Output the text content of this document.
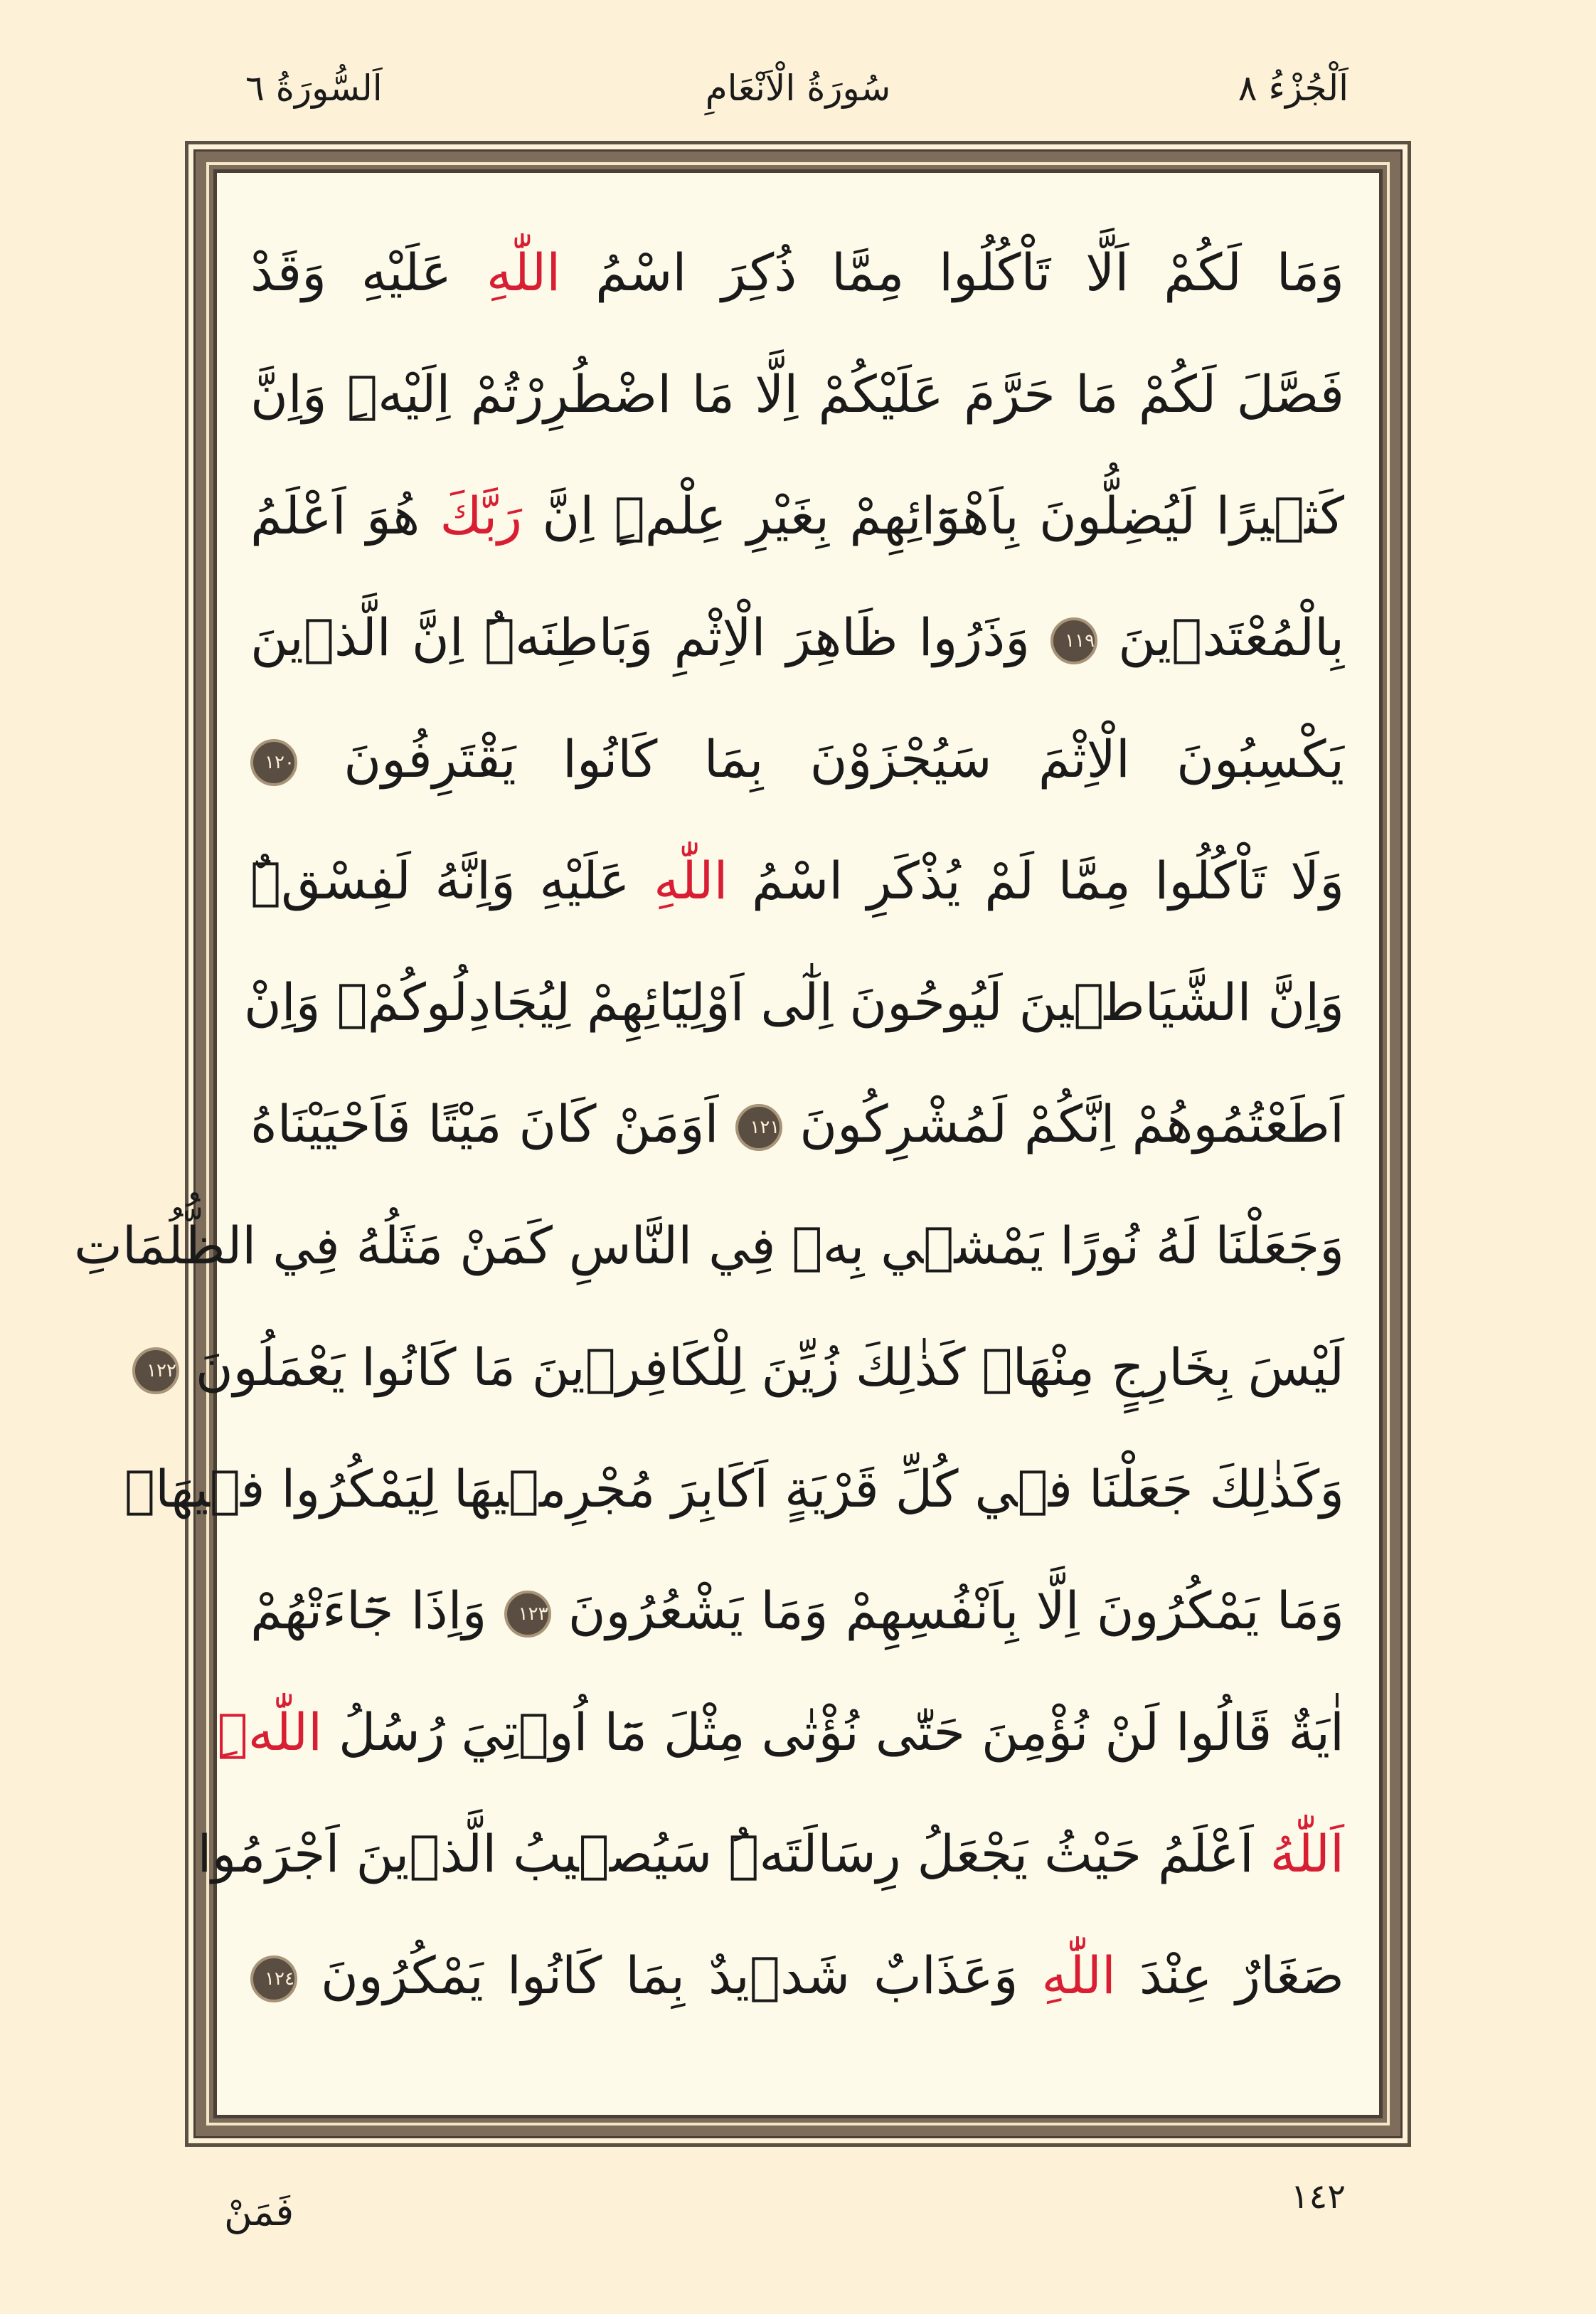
اَلْجُزْءُ ٨
سُورَةُ الْاَنْعَامِ
اَلسُّورَةُ ٦
وَمَا لَكُمْ اَلَّا تَاْكُلُوا مِمَّا ذُكِرَ اسْمُ اللّٰهِ عَلَيْهِ وَقَدْ
فَصَّلَ لَكُمْ مَا حَرَّمَ عَلَيْكُمْ اِلَّا مَا اضْطُرِرْتُمْ اِلَيْهِۜ وَاِنَّ
كَث۪يرًا لَيُضِلُّونَ بِاَهْوَٓائِهِمْ بِغَيْرِ عِلْمٍۜ اِنَّ رَبَّكَ هُوَ اَعْلَمُ
بِالْمُعْتَد۪ينَ ١١٩ وَذَرُوا ظَاهِرَ الْاِثْمِ وَبَاطِنَهُۜ اِنَّ الَّذ۪ينَ
يَكْسِبُونَ الْاِثْمَ سَيُجْزَوْنَ بِمَا كَانُوا يَقْتَرِفُونَ ١٢٠
وَلَا تَاْكُلُوا مِمَّا لَمْ يُذْكَرِ اسْمُ اللّٰهِ عَلَيْهِ وَاِنَّهُ لَفِسْقٌۜ
وَاِنَّ الشَّيَاط۪ينَ لَيُوحُونَ اِلٰٓى اَوْلِيَٓائِهِمْ لِيُجَادِلُوكُمْۚ وَاِنْ
اَطَعْتُمُوهُمْ اِنَّكُمْ لَمُشْرِكُونَ ١٢١ اَوَمَنْ كَانَ مَيْتًا فَاَحْيَيْنَاهُ
وَجَعَلْنَا لَهُ نُورًا يَمْش۪ي بِه۪ فِي النَّاسِ كَمَنْ مَثَلُهُ فِي الظُّلُمَاتِ
لَيْسَ بِخَارِجٍ مِنْهَاۜ كَذٰلِكَ زُيِّنَ لِلْكَافِر۪ينَ مَا كَانُوا يَعْمَلُونَ ١٢٢
وَكَذٰلِكَ جَعَلْنَا ف۪ي كُلِّ قَرْيَةٍ اَكَابِرَ مُجْرِم۪يهَا لِيَمْكُرُوا ف۪يهَاۜ
وَمَا يَمْكُرُونَ اِلَّا بِاَنْفُسِهِمْ وَمَا يَشْعُرُونَ ١٢٣ وَاِذَا جَٓاءَتْهُمْ
اٰيَةٌ قَالُوا لَنْ نُؤْمِنَ حَتّٰى نُؤْتٰى مِثْلَ مَٓا اُو۫تِيَ رُسُلُ اللّٰهِۜ
اَللّٰهُ اَعْلَمُ حَيْثُ يَجْعَلُ رِسَالَتَهُۜ سَيُص۪يبُ الَّذ۪ينَ اَجْرَمُوا
صَغَارٌ عِنْدَ اللّٰهِ وَعَذَابٌ شَد۪يدٌ بِمَا كَانُوا يَمْكُرُونَ ١٢٤
١٤٢
فَمَنْ
